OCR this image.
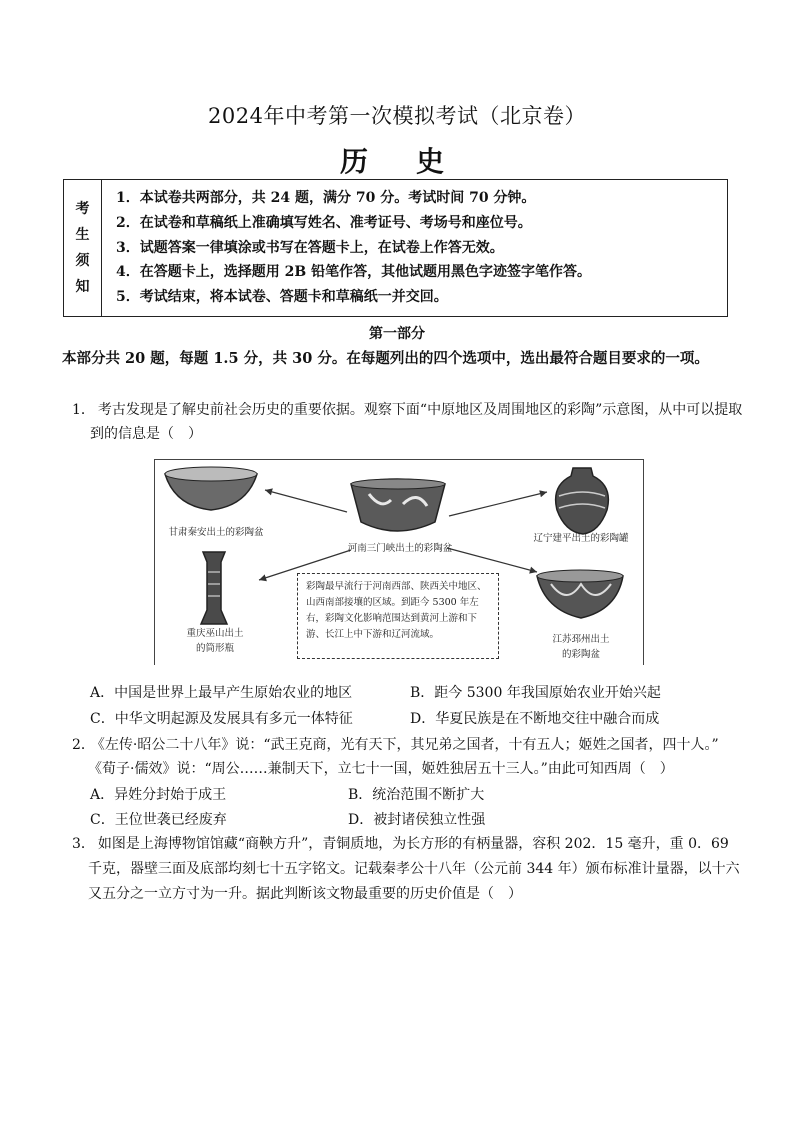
2024年中考第一次模拟考试（北京卷）
历　史
考
生
须
知
1．本试卷共两部分，共 24 题，满分 70 分。考试时间 70 分钟。
2．在试卷和草稿纸上准确填写姓名、准考证号、考场号和座位号。
3．试题答案一律填涂或书写在答题卡上，在试卷上作答无效。
4．在答题卡上，选择题用 2B 铅笔作答，其他试题用黑色字迹签字笔作答。
5．考试结束，将本试卷、答题卡和草稿纸一并交回。
第一部分
本部分共 20 题，每题 1.5 分，共 30 分。在每题列出的四个选项中，选出最符合题目要求的一项。
1． 考古发现是了解史前社会历史的重要依据。观察下面“中原地区及周围地区的彩陶”示意图，从中可以提取到的信息是（　）
甘肃秦安出土的彩陶盆
河南三门峡出土的彩陶盆
辽宁建平出土的彩陶罐
重庆巫山出土
的筒形瓶
江苏邳州出土
的彩陶盆
彩陶最早流行于河南西部、陕西关中地区、山西南部接壤的区域。到距今 5300 年左右，彩陶文化影响范围达到黄河上游和下游、长江上中下游和辽河流域。
A．中国是世界上最早产生原始农业的地区	B．距今 5300 年我国原始农业开始兴起
C．中华文明起源及发展具有多元一体特征	D．华夏民族是在不断地交往中融合而成
2． 《左传·昭公二十八年》说：“武王克商，光有天下，其兄弟之国者，十有五人；姬姓之国者，四十人。”
《荀子·儒效》说：“周公……兼制天下，立七十一国，姬姓独居五十三人。”由此可知西周（　）
A．异姓分封始于成王	B．统治范围不断扩大
C．王位世袭已经废弃	D．被封诸侯独立性强
3． 如图是上海博物馆馆藏“商鞅方升”，青铜质地，为长方形的有柄量器，容积 202．15 毫升，重 0．69 千克，器壁三面及底部均刻七十五字铭文。记载秦孝公十八年（公元前 344 年）颁布标准计量器，以十六又五分之一立方寸为一升。据此判断该文物最重要的历史价值是（　）
